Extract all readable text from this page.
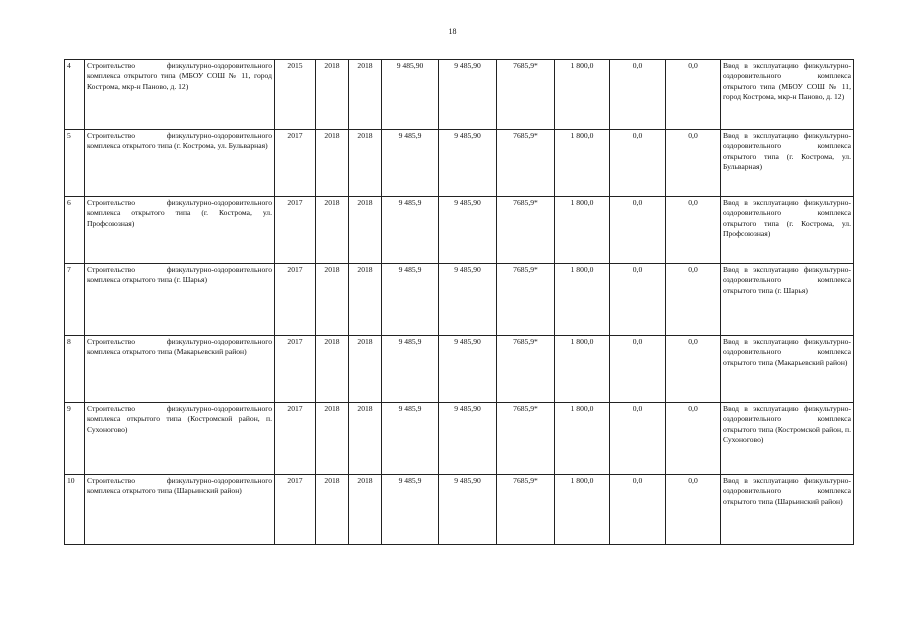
18
4	Строительство физкультурно-оздоровительного комплекса открытого типа (МБОУ СОШ № 11, город Кострома, мкр-н Паново, д. 12)	2015	2018	2018	9 485,90	9 485,90	7685,9*	1 800,0	0,0	0,0	Ввод в эксплуатацию физкультурно-оздоровительного комплекса открытого типа (МБОУ СОШ № 11, город Кострома, мкр-н Паново, д. 12)
5	Строительство физкультурно-оздоровительного комплекса открытого типа (г. Кострома, ул. Бульварная)	2017	2018	2018	9 485,9	9 485,90	7685,9*	1 800,0	0,0	0,0	Ввод в эксплуатацию физкультурно-оздоровительного комплекса открытого типа (г. Кострома, ул. Бульварная)
6	Строительство физкультурно-оздоровительного комплекса открытого типа (г. Кострома, ул. Профсоюзная)	2017	2018	2018	9 485,9	9 485,90	7685,9*	1 800,0	0,0	0,0	Ввод в эксплуатацию физкультурно-оздоровительного комплекса открытого типа (г. Кострома, ул. Профсоюзная)
7	Строительство физкультурно-оздоровительного комплекса открытого типа (г. Шарья)	2017	2018	2018	9 485,9	9 485,90	7685,9*	1 800,0	0,0	0,0	Ввод в эксплуатацию физкультурно-оздоровительного комплекса открытого типа (г. Шарья)
8	Строительство физкультурно-оздоровительного комплекса открытого типа (Макарьевский район)	2017	2018	2018	9 485,9	9 485,90	7685,9*	1 800,0	0,0	0,0	Ввод в эксплуатацию физкультурно-оздоровительного комплекса открытого типа (Макарьевский район)
9	Строительство физкультурно-оздоровительного комплекса открытого типа (Костромской район, п. Сухоногово)	2017	2018	2018	9 485,9	9 485,90	7685,9*	1 800,0	0,0	0,0	Ввод в эксплуатацию физкультурно-оздоровительного комплекса открытого типа (Костромской район, п. Сухоногово)
10	Строительство физкультурно-оздоровительного комплекса открытого типа (Шарьинский район)	2017	2018	2018	9 485,9	9 485,90	7685,9*	1 800,0	0,0	0,0	Ввод в эксплуатацию физкультурно-оздоровительного комплекса открытого типа (Шарьинский район)
